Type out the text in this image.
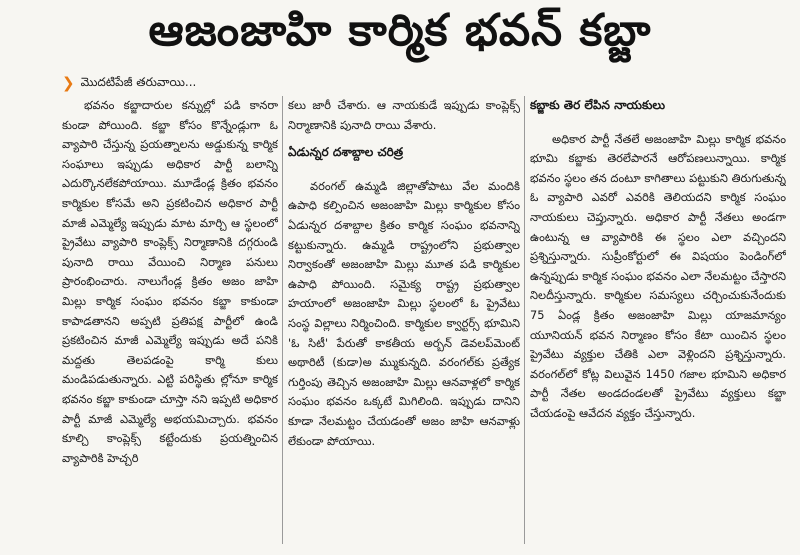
ఆజంజాహి కార్మిక భవన్ కబ్జా
❯ మొదటిపేజీ తరువాయి...

భవనం కబ్జాదారుల కన్నుల్లో పడి కానరా కుండా పోయింది. కబ్జా కోసం కొన్నేండ్లుగా ఓ వ్యాపారి చేస్తున్న ప్రయత్నాలను అడ్డుకున్న కార్మిక సంఘాలు ఇప్పుడు అధికార పార్టీ బలాన్ని ఎదుర్కొనలేకపోయాయి. మూడేండ్ల క్రితం భవనం కార్మికుల కోసమే అని ప్రకటించిన అధికార పార్టీ మాజీ ఎమ్మెల్యే ఇప్పుడు మాట మార్చి ఆ స్థలంలో ప్రైవేటు వ్యాపారి కాంప్లెక్స్ నిర్మాణానికి దగ్గరుండి పునాది రాయి వేయించి నిర్మాణ పనులు ప్రారంభించారు. నాలుగేండ్ల క్రితం అజం జాహి మిల్లు కార్మిక సంఘం భవనం కబ్జా కాకుండా కాపాడతానని అప్పటి ప్రతిపక్ష పార్టీలో ఉండి ప్రకటించిన మాజీ ఎమ్మెల్యే ఇప్పుడు అదే పనికి మద్దతు తెలపడంపై కార్మి కులు మండిపడుతున్నారు. ఎట్టి పరిస్థితు ల్లోనూ కార్మిక భవనం కబ్జా కాకుండా చూస్తా నని ఇప్పటి అధికార పార్టీ మాజీ ఎమ్మెల్యే అభయమిచ్చారు. భవనం కూల్చి కాంప్లెక్స్ కట్టేందుకు ప్రయత్నించిన వ్యాపారికి హెచ్చరి

కలు జారీ చేశారు. ఆ నాయకుడే ఇప్పుడు కాంప్లెక్స్ నిర్మాణానికి పునాది రాయి వేశారు.

ఏడున్నర దశాబ్దాల చరిత్ర

వరంగల్ ఉమ్మడి జిల్లాతోపాటు వేల మందికి ఉపాధి కల్పించిన అజంజాహి మిల్లు కార్మికుల కోసం ఏడున్నర దశాబ్దాల క్రితం కార్మిక సంఘం భవనాన్ని కట్టుకున్నారు. ఉమ్మడి రాష్ట్రంలోని ప్రభుత్వాల నిర్వాకంతో అజంజాహి మిల్లు మూత పడి కార్మికుల ఉపాధి పోయింది. సమైక్య రాష్ట్ర ప్రభుత్వాల హయాంలో అజంజాహి మిల్లు స్థలంలో ఓ ప్రైవేటు సంస్థ విల్లాలు నిర్మించింది. కార్మికుల క్వార్టర్స్ భూమిని 'ఓ సిటీ' పేరుతో కాకతీయ అర్బన్ డెవలప్‌మెంట్ అథారిటీ (కుడా)అ మ్ముకున్నది. వరంగల్‌కు ప్రత్యేక గుర్తింపు తెచ్చిన అజంజాహి మిల్లు ఆనవాళ్లలో కార్మిక సంఘం భవనం ఒక్కటే మిగిలింది. ఇప్పుడు దానిని కూడా నేలమట్టం చేయడంతో అజం జాహి ఆనవాళ్లు లేకుండా పోయాయి.

కబ్జాకు తెర లేపిన నాయకులు

అధికార పార్టీ నేతలే అజంజాహి మిల్లు కార్మిక భవనం భూమి కబ్జాకు తెరలేపారనే ఆరోపణలున్నాయి. కార్మిక భవనం స్థలం తన దంటూ కాగితాలు పట్టుకుని తిరుగుతున్న ఓ వ్యాపారి ఎవరో ఎవరికి తెలియదని కార్మిక సంఘం నాయకులు చెప్తున్నారు. అధికార పార్టీ నేతలు అండగా ఉంటున్న ఆ వ్యాపారికి ఈ స్థలం ఎలా వచ్చిందని ప్రశ్నిస్తున్నారు. సుప్రీంకోర్టులో ఈ విషయం పెండింగ్‌లో ఉన్నప్పుడు కార్మిక సంఘం భవనం ఎలా నేలమట్టం చేస్తారని నిలదీస్తున్నారు. కార్మికుల సమస్యలు చర్చించుకునేందుకు 75 ఏండ్ల క్రితం అజంజాహి మిల్లు యాజమాన్యం యూనియన్ భవన నిర్మాణం కోసం కేటా యించిన స్థలం ప్రైవేటు వ్యక్తుల చేతికి ఎలా వెళ్లిందని ప్రశ్నిస్తున్నారు. వరంగల్‌లో కోట్ల విలువైన 1450 గజాల భూమిని అధికార పార్టీ నేతల అండదండలతో ప్రైవేటు వ్యక్తులు కబ్జా చేయడంపై ఆవేదన వ్యక్తం చేస్తున్నారు.
